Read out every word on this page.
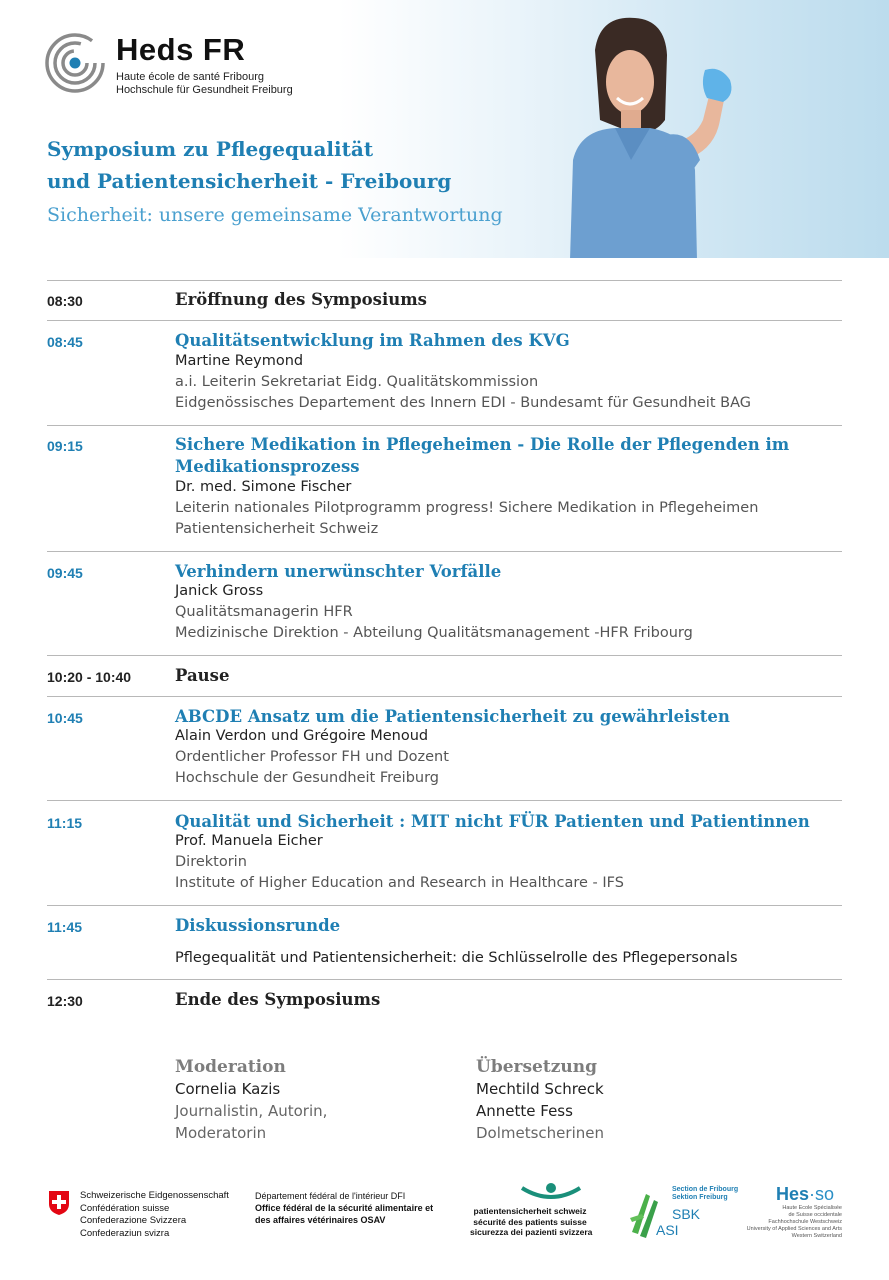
Heds FR
Haute école de santé Fribourg
Hochschule für Gesundheit Freiburg
Symposium zu Pflegequalität
und Patientensicherheit - Freibourg
Sicherheit: unsere gemeinsame Verantwortung
08:30	Eröffnung des Symposiums
08:45	Qualitätsentwicklung im Rahmen des KVG
Martine Reymond
a.i. Leiterin Sekretariat Eidg. Qualitätskommission
Eidgenössisches Departement des Innern EDI - Bundesamt für Gesundheit BAG
09:15	Sichere Medikation in Pflegeheimen - Die Rolle der Pflegenden im
Medikationsprozess
Dr. med. Simone Fischer
Leiterin nationales Pilotprogramm progress! Sichere Medikation in Pflegeheimen
Patientensicherheit Schweiz
09:45	Verhindern unerwünschter Vorfälle
Janick Gross
Qualitätsmanagerin HFR
Medizinische Direktion - Abteilung Qualitätsmanagement -HFR Fribourg
10:20 - 10:40	Pause
10:45	ABCDE Ansatz um die Patientensicherheit zu gewährleisten
Alain Verdon und Grégoire Menoud
Ordentlicher Professor FH und Dozent
Hochschule der Gesundheit Freiburg
11:15	Qualität und Sicherheit : MIT nicht FÜR Patienten und Patientinnen
Prof. Manuela Eicher
Direktorin
Institute of Higher Education and Research in Healthcare - IFS
11:45	Diskussionsrunde
Pflegequalität und Patientensicherheit: die Schlüsselrolle des Pflegepersonals
12:30	Ende des Symposiums
Moderation
Cornelia Kazis
Journalistin, Autorin,
Moderatorin
Übersetzung
Mechtild Schreck
Annette Fess
Dolmetscherinen
Schweizerische Eidgenossenschaft
Confédération suisse
Confederazione Svizzera
Confederaziun svizra
Département fédéral de l'intérieur DFI
Office fédéral de la sécurité alimentaire et
des affaires vétérinaires OSAV
patientensicherheit schweiz
sécurité des patients suisse
sicurezza dei pazienti svizzera
Section de Fribourg
Sektion Freiburg
SBK
ASI
Hes·so
Haute Ecole Spécialisée
de Suisse occidentale
Fachhochschule Westschweiz
University of Applied Sciences and Arts
Western Switzerland
